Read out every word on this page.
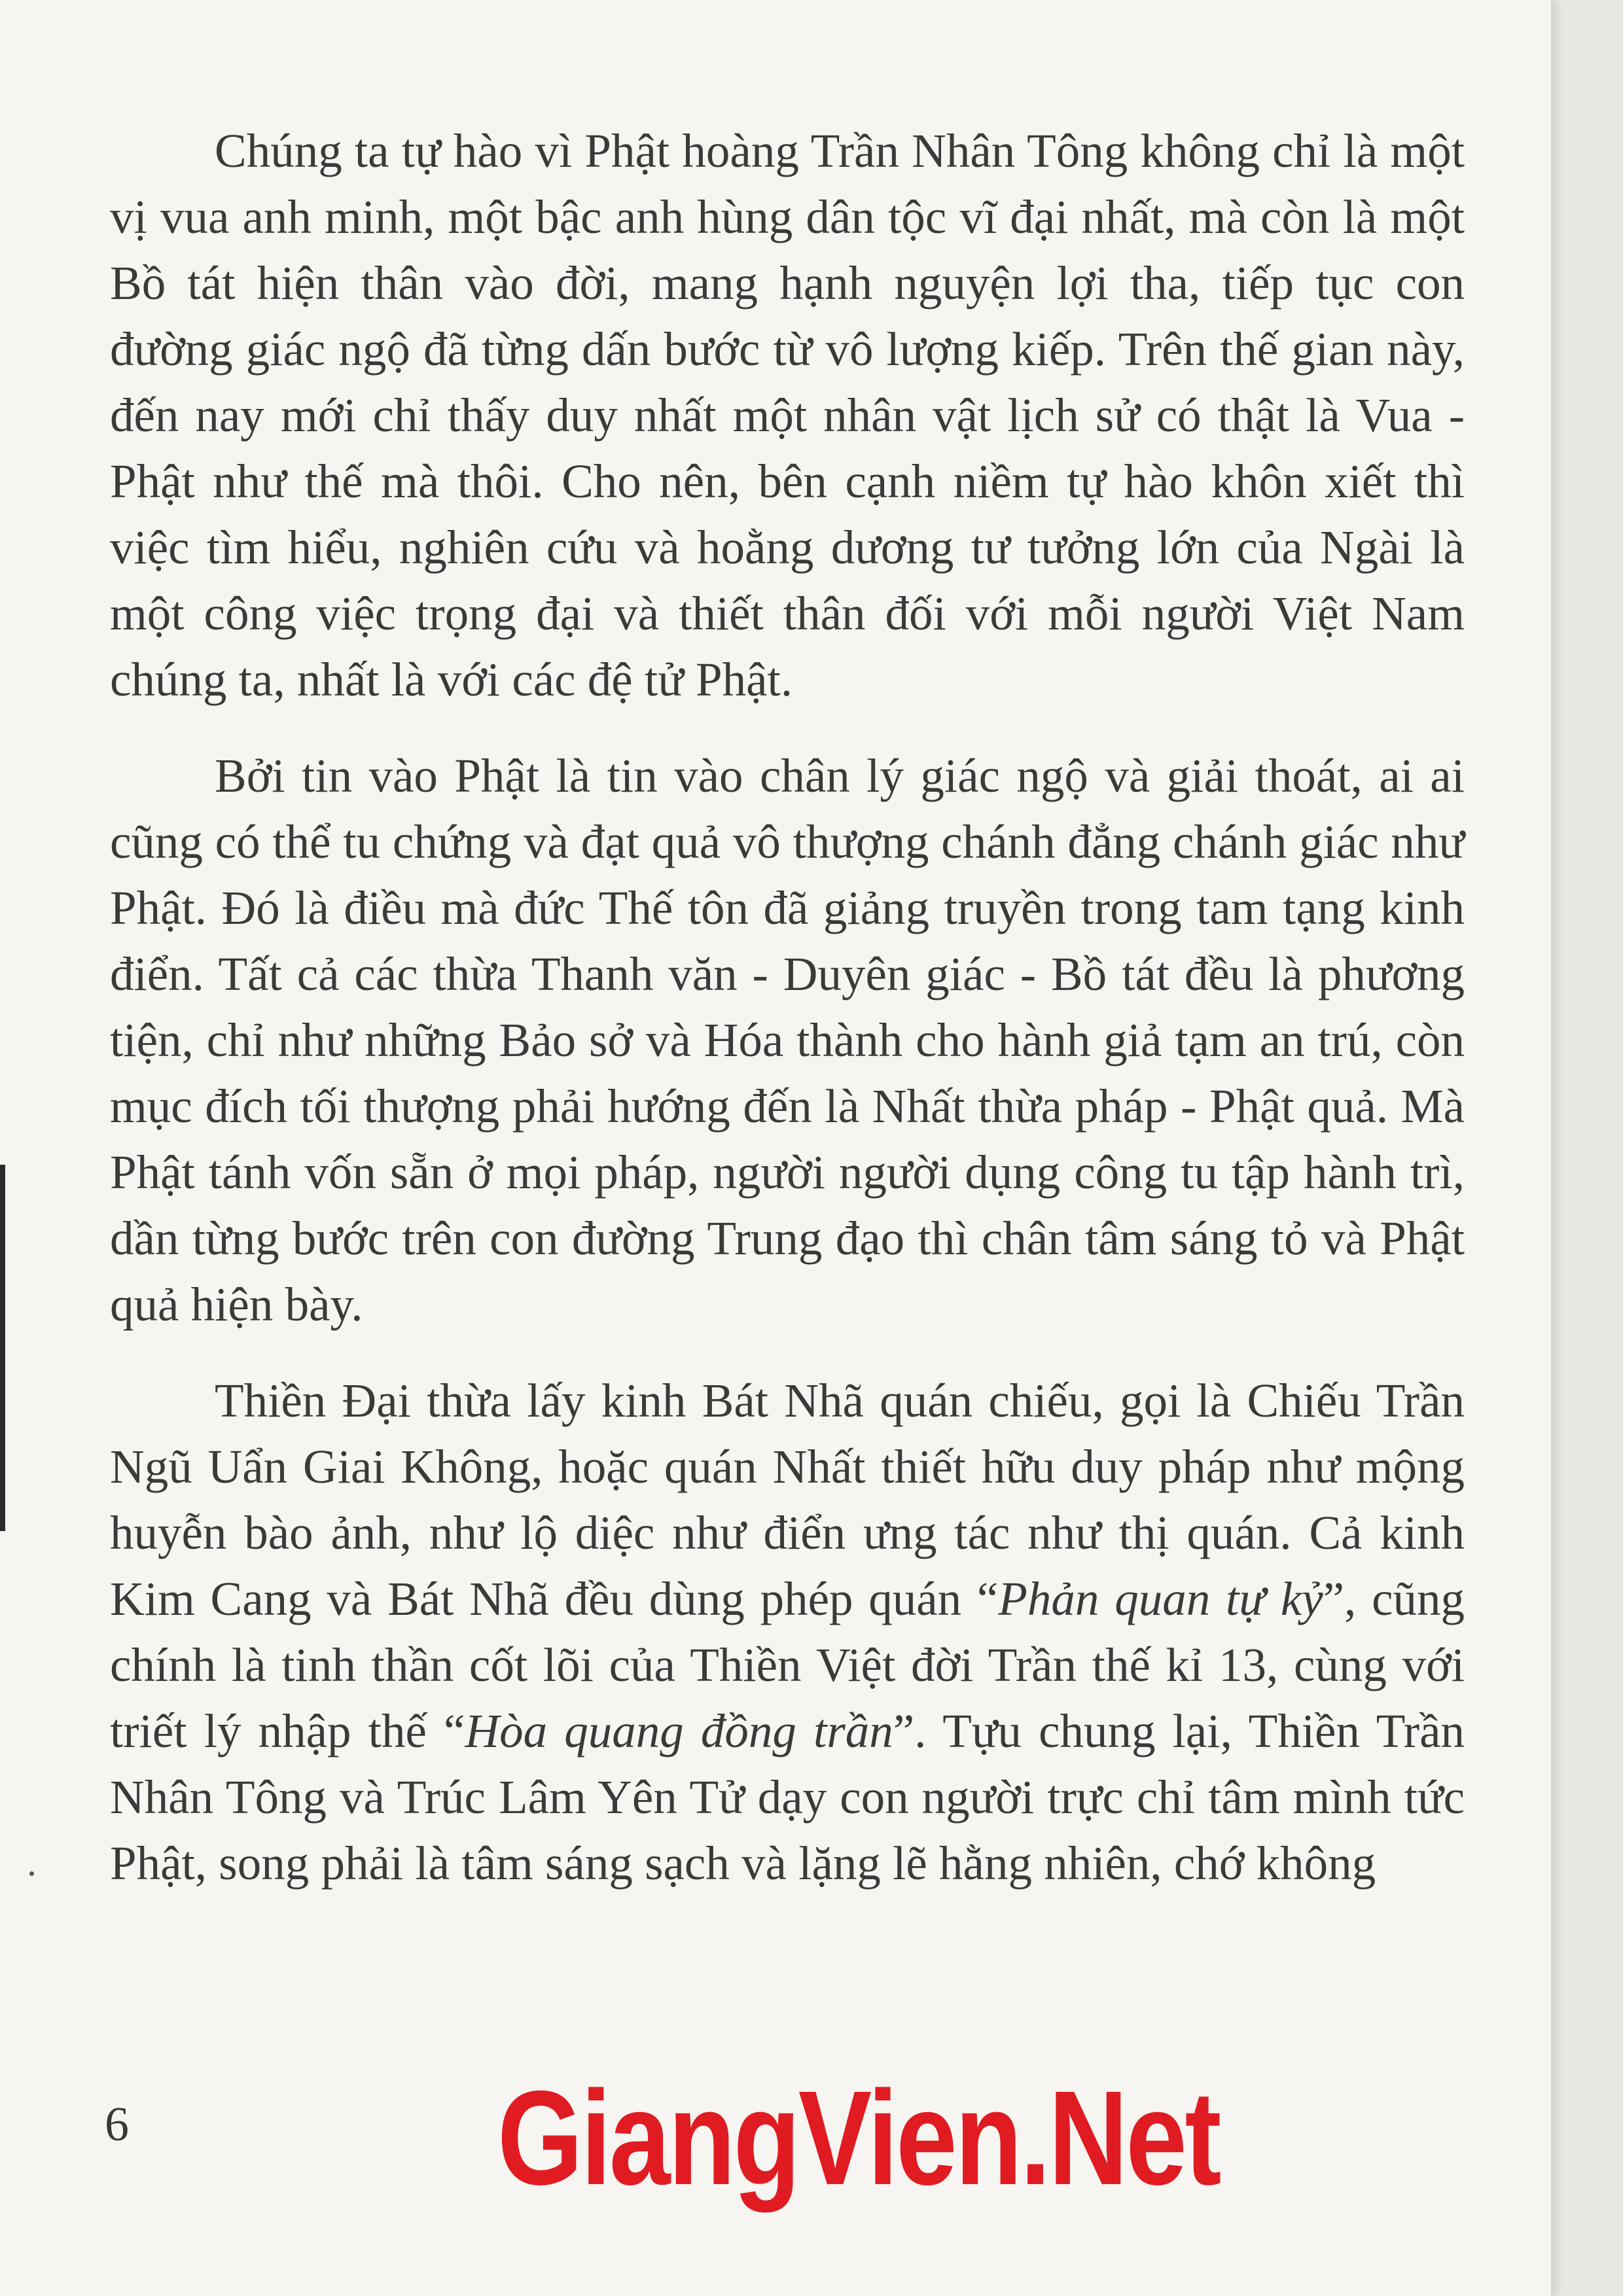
Chúng ta tự hào vì Phật hoàng Trần Nhân Tông không chỉ là một vị vua anh minh, một bậc anh hùng dân tộc vĩ đại nhất, mà còn là một Bồ tát hiện thân vào đời, mang hạnh nguyện lợi tha, tiếp tục con đường giác ngộ đã từng dấn bước từ vô lượng kiếp. Trên thế gian này, đến nay mới chỉ thấy duy nhất một nhân vật lịch sử có thật là Vua - Phật như thế mà thôi. Cho nên, bên cạnh niềm tự hào khôn xiết thì việc tìm hiểu, nghiên cứu và hoằng dương tư tưởng lớn của Ngài là một công việc trọng đại và thiết thân đối với mỗi người Việt Nam chúng ta, nhất là với các đệ tử Phật.

Bởi tin vào Phật là tin vào chân lý giác ngộ và giải thoát, ai ai cũng có thể tu chứng và đạt quả vô thượng chánh đẳng chánh giác như Phật. Đó là điều mà đức Thế tôn đã giảng truyền trong tam tạng kinh điển. Tất cả các thừa Thanh văn - Duyên giác - Bồ tát đều là phương tiện, chỉ như những Bảo sở và Hóa thành cho hành giả tạm an trú, còn mục đích tối thượng phải hướng đến là Nhất thừa pháp - Phật quả. Mà Phật tánh vốn sẵn ở mọi pháp, người người dụng công tu tập hành trì, dần từng bước trên con đường Trung đạo thì chân tâm sáng tỏ và Phật quả hiện bày.

Thiền Đại thừa lấy kinh Bát Nhã quán chiếu, gọi là Chiếu Trần Ngũ Uẩn Giai Không, hoặc quán Nhất thiết hữu duy pháp như mộng huyễn bào ảnh, như lộ diệc như điển ưng tác như thị quán. Cả kinh Kim Cang và Bát Nhã đều dùng phép quán “Phản quan tự kỷ”, cũng chính là tinh thần cốt lõi của Thiền Việt đời Trần thế kỉ 13, cùng với triết lý nhập thế “Hòa quang đồng trần”. Tựu chung lại, Thiền Trần Nhân Tông và Trúc Lâm Yên Tử dạy con người trực chỉ tâm mình tức Phật, song phải là tâm sáng sạch và lặng lẽ hằng nhiên, chớ không

6	GiangVien.Net
